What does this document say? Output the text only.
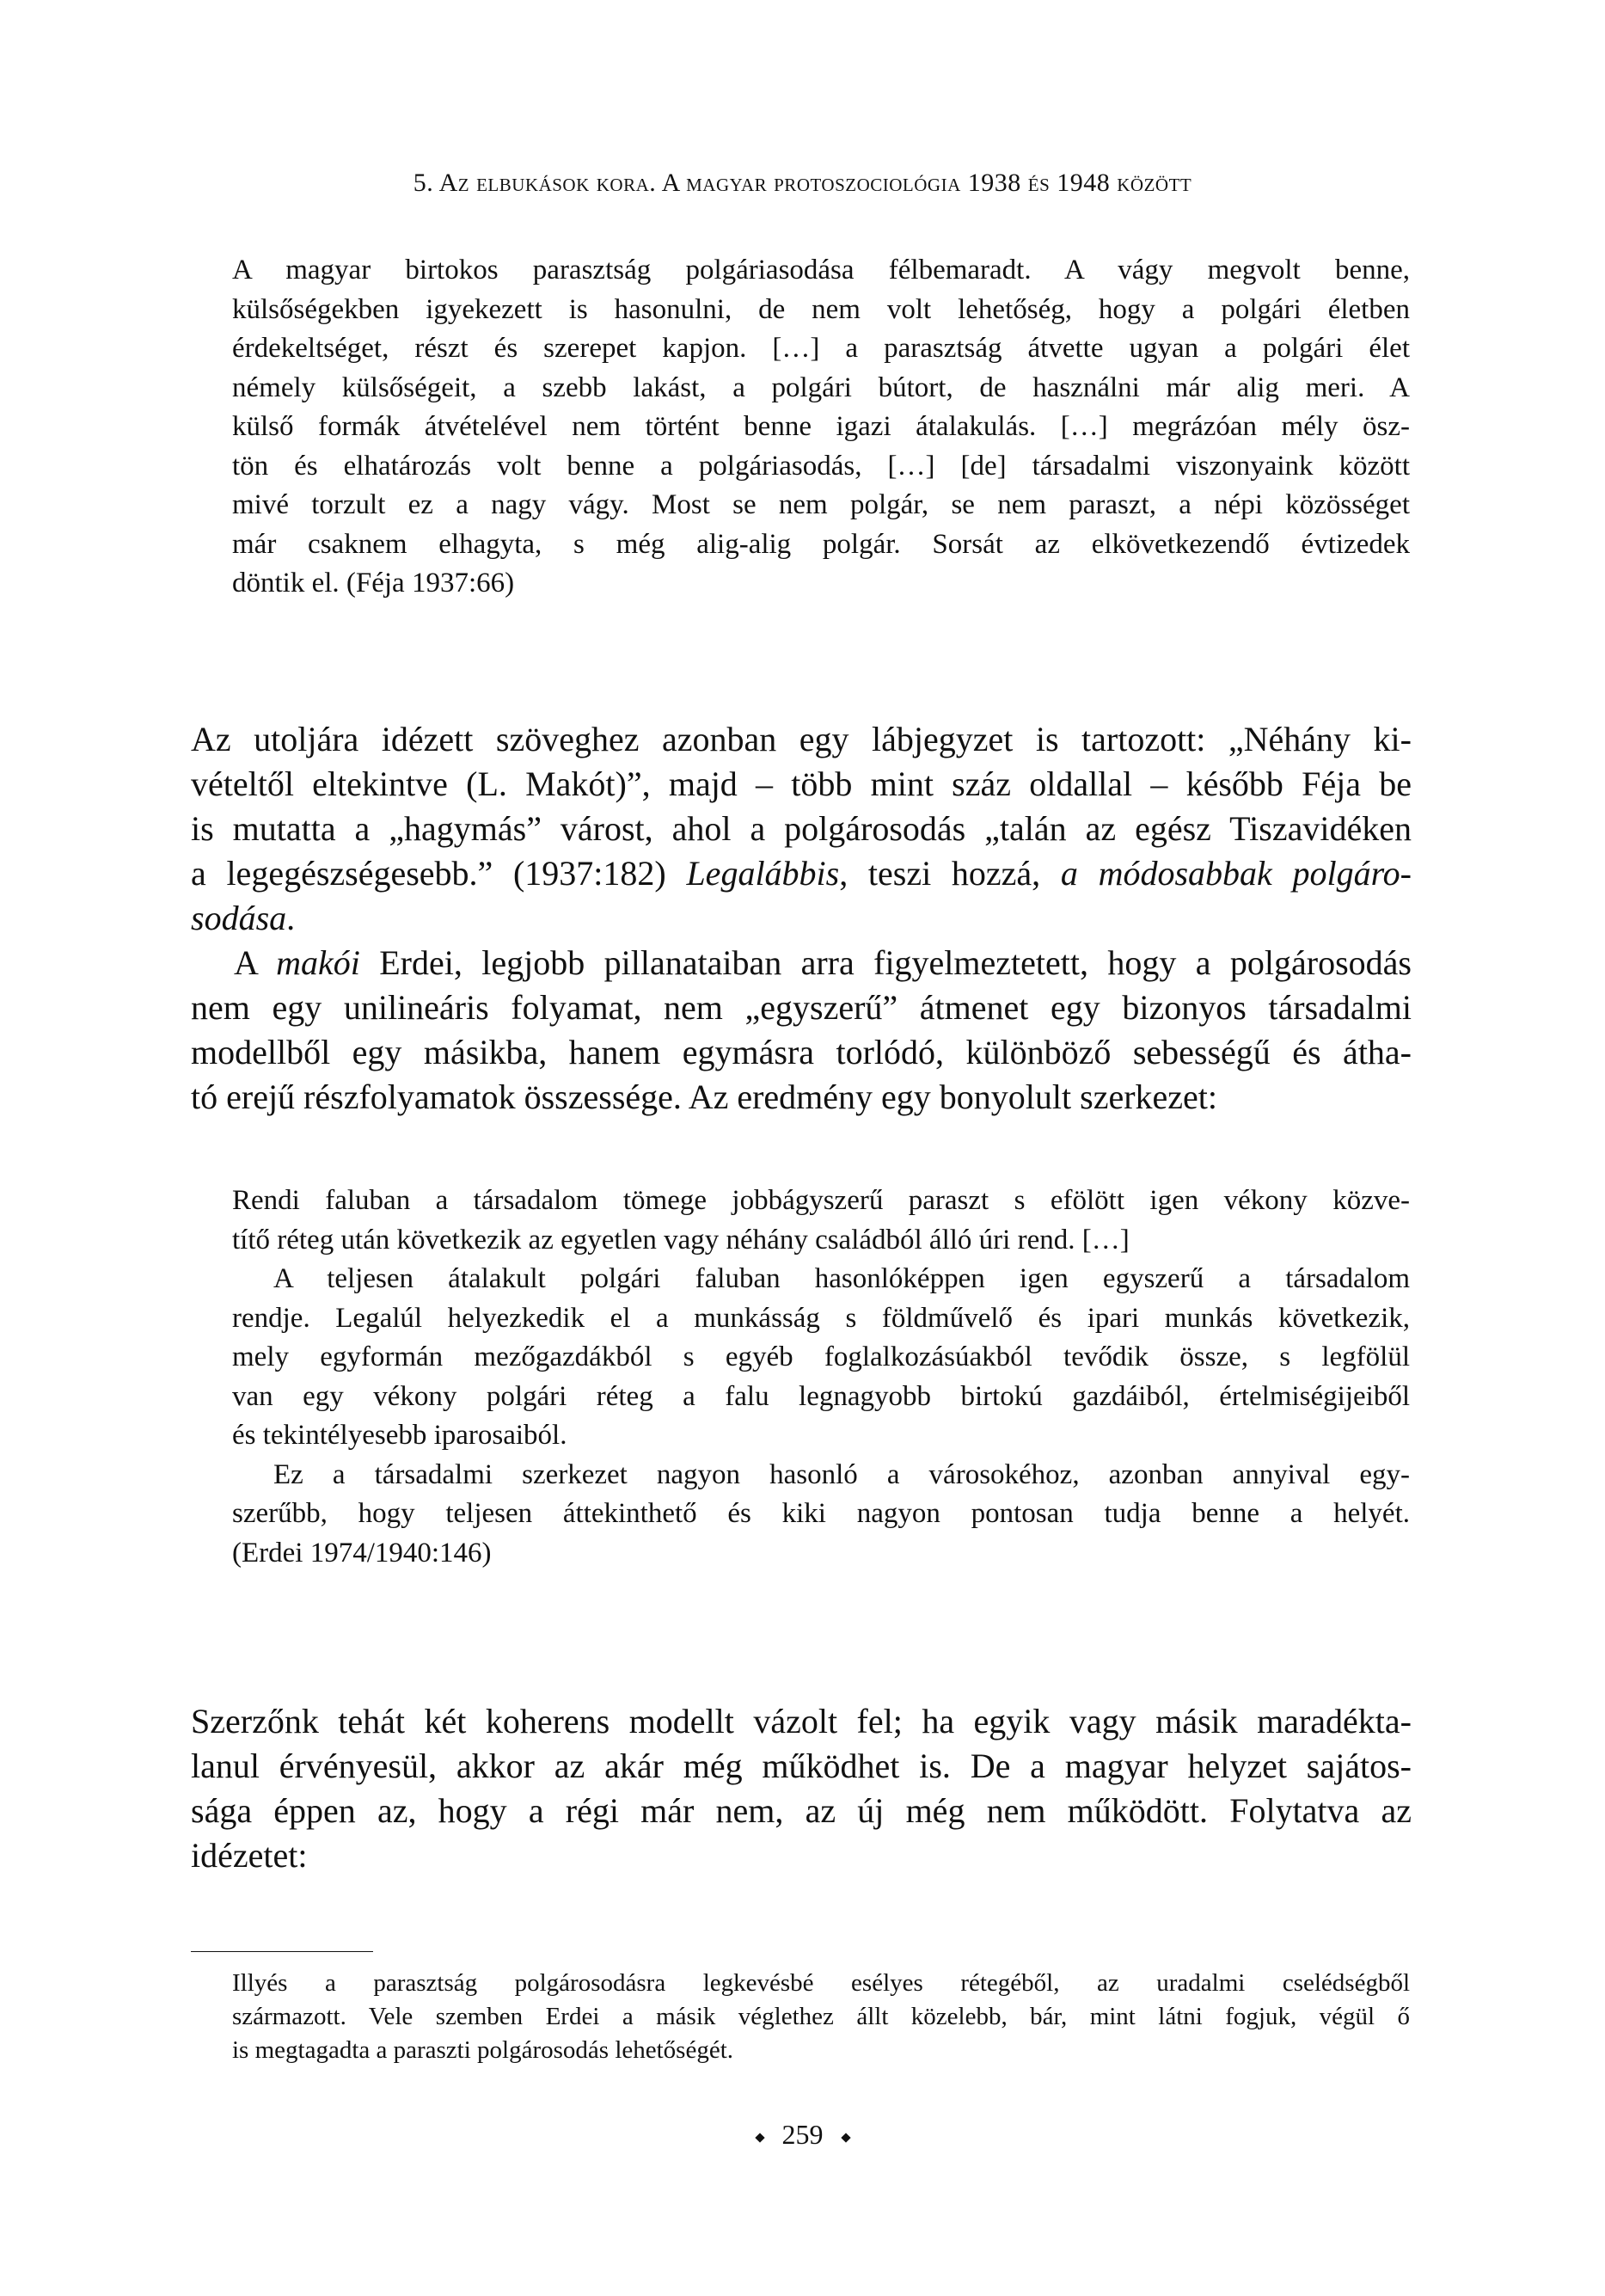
5. Az elbukások kora. A magyar protoszociológia 1938 és 1948 között
A magyar birtokos parasztság polgáriasodása félbemaradt. A vágy megvolt benne,
külsőségekben igyekezett is hasonulni, de nem volt lehetőség, hogy a polgári életben
érdekeltséget, részt és szerepet kapjon. […] a parasztság átvette ugyan a polgári élet
némely külsőségeit, a szebb lakást, a polgári bútort, de használni már alig meri. A
külső formák átvételével nem történt benne igazi átalakulás. […] megrázóan mély ösz-
tön és elhatározás volt benne a polgáriasodás, […] [de] társadalmi viszonyaink között
mivé torzult ez a nagy vágy. Most se nem polgár, se nem paraszt, a népi közösséget
már csaknem elhagyta, s még alig-alig polgár. Sorsát az elkövetkezendő évtizedek
döntik el. (Féja 1937:66)
Az utoljára idézett szöveghez azonban egy lábjegyzet is tartozott: „Néhány ki-
vételtől eltekintve (L. Makót)”, majd – több mint száz oldallal – később Féja be
is mutatta a „hagymás” várost, ahol a polgárosodás „talán az egész Tiszavidéken
a legegészségesebb.” (1937:182) Legalábbis, teszi hozzá, a módosabbak polgáro-
sodása.
A makói Erdei, legjobb pillanataiban arra figyelmeztetett, hogy a polgárosodás
nem egy unilineáris folyamat, nem „egyszerű” átmenet egy bizonyos társadalmi
modellből egy másikba, hanem egymásra torlódó, különböző sebességű és átha-
tó erejű részfolyamatok összessége. Az eredmény egy bonyolult szerkezet:
Rendi faluban a társadalom tömege jobbágyszerű paraszt s efölött igen vékony közve-
títő réteg után következik az egyetlen vagy néhány családból álló úri rend. […]
A teljesen átalakult polgári faluban hasonlóképpen igen egyszerű a társadalom
rendje. Legalúl helyezkedik el a munkásság s földművelő és ipari munkás következik,
mely egyformán mezőgazdákból s egyéb foglalkozásúakból tevődik össze, s legfölül
van egy vékony polgári réteg a falu legnagyobb birtokú gazdáiból, értelmiségijeiből
és tekintélyesebb iparosaiból.
Ez a társadalmi szerkezet nagyon hasonló a városokéhoz, azonban annyival egy-
szerűbb, hogy teljesen áttekinthető és kiki nagyon pontosan tudja benne a helyét.
(Erdei 1974/1940:146)
Szerzőnk tehát két koherens modellt vázolt fel; ha egyik vagy másik maradékta-
lanul érvényesül, akkor az akár még működhet is. De a magyar helyzet sajátos-
sága éppen az, hogy a régi már nem, az új még nem működött. Folytatva az
idézetet:
Illyés a parasztság polgárosodásra legkevésbé esélyes rétegéből, az uradalmi cselédségből
származott. Vele szemben Erdei a másik véglethez állt közelebb, bár, mint látni fogjuk, végül ő
is megtagadta a paraszti polgárosodás lehetőségét.
259
